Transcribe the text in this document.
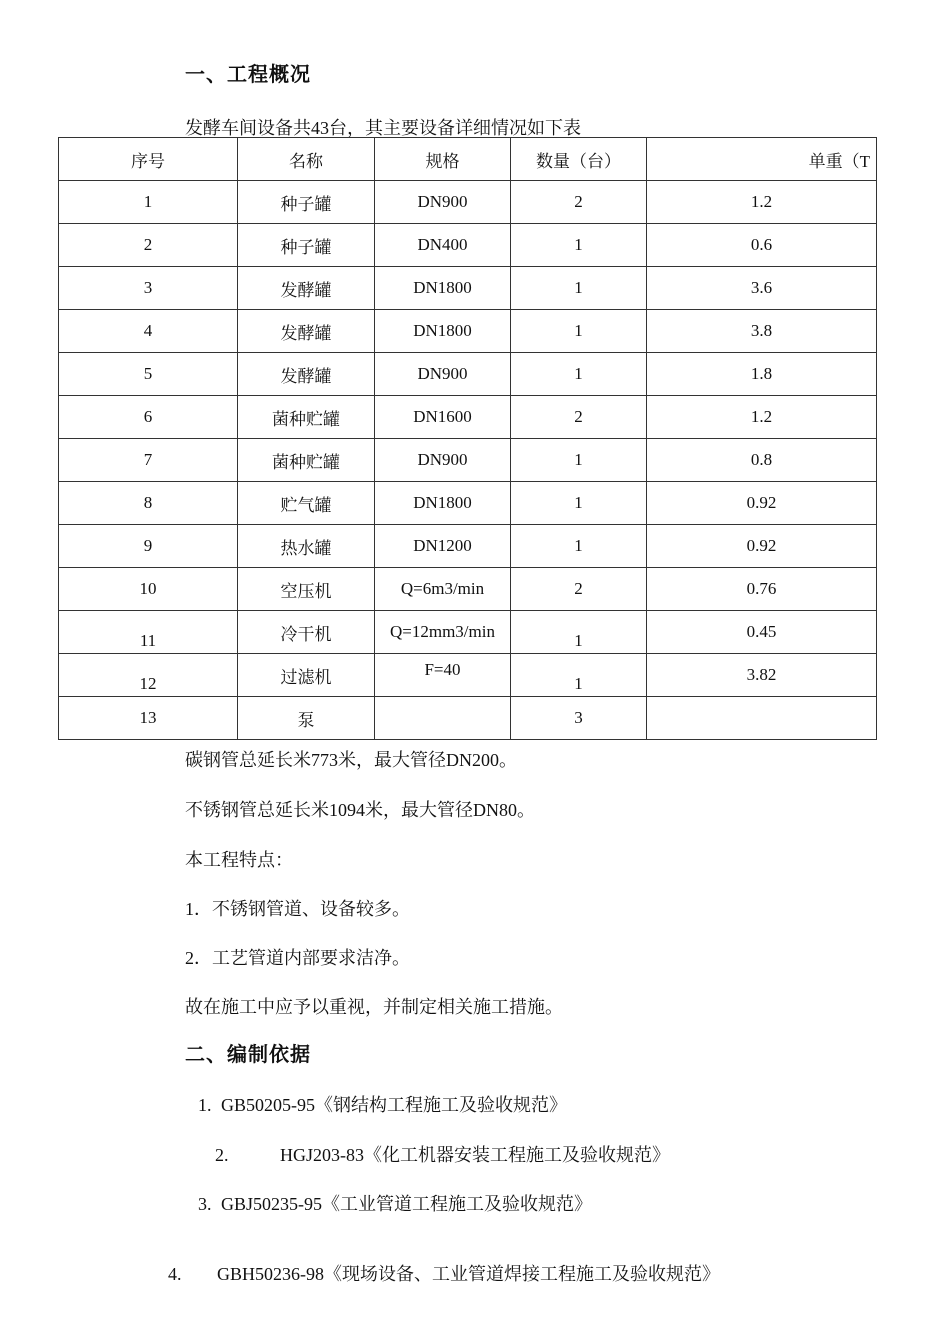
一、工程概况
发酵车间设备共43台，其主要设备详细情况如下表
序号	名称	规格	数量（台）	单重（T
1	种子罐	DN900	2	1.2
2	种子罐	DN400	1	0.6
3	发酵罐	DN1800	1	3.6
4	发酵罐	DN1800	1	3.8
5	发酵罐	DN900	1	1.8
6	菌种贮罐	DN1600	2	1.2
7	菌种贮罐	DN900	1	0.8
8	贮气罐	DN1800	1	0.92
9	热水罐	DN1200	1	0.92
10	空压机	Q=6m3/min	2	0.76
11	冷干机	Q=12mm3/min	1	0.45
12	过滤机	F=40	1	3.82
13	泵		3	
碳钢管总延长米773米，最大管径DN200。
不锈钢管总延长米1094米，最大管径DN80。
本工程特点：
1．不锈钢管道、设备较多。
2．工艺管道内部要求洁净。
故在施工中应予以重视，并制定相关施工措施。
二、编制依据
1. GB50205-95《钢结构工程施工及验收规范》
2.	HGJ203-83《化工机器安装工程施工及验收规范》
3. GBJ50235-95《工业管道工程施工及验收规范》
4. GBH50236-98《现场设备、工业管道焊接工程施工及验收规范》
